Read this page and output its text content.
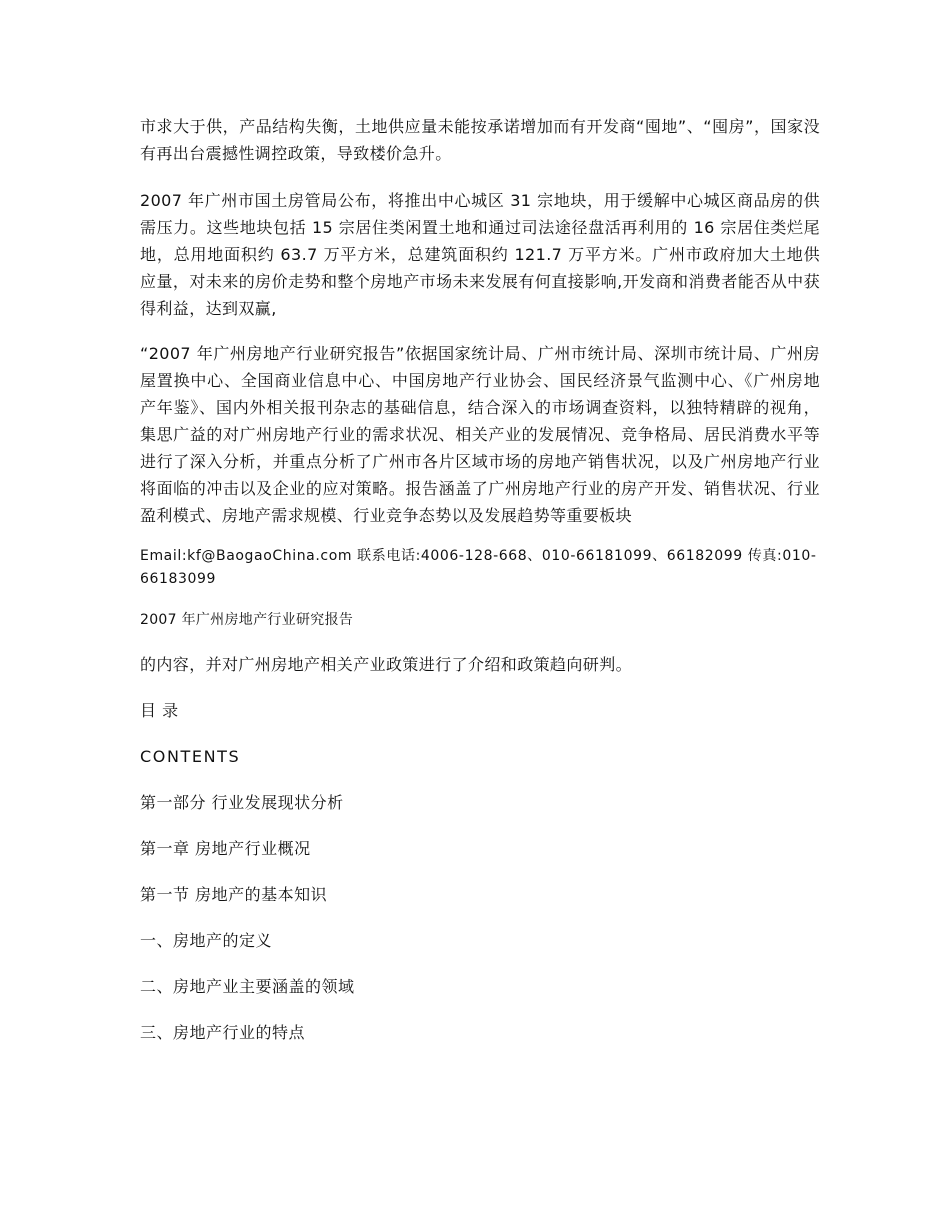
市求大于供，产品结构失衡，土地供应量未能按承诺增加而有开发商“囤地”、“囤房”，国家没有再出台震撼性调控政策，导致楼价急升。

2007 年广州市国土房管局公布，将推出中心城区 31 宗地块，用于缓解中心城区商品房的供需压力。这些地块包括 15 宗居住类闲置土地和通过司法途径盘活再利用的 16 宗居住类烂尾地，总用地面积约 63.7 万平方米，总建筑面积约 121.7 万平方米。广州市政府加大土地供应量，对未来的房价走势和整个房地产市场未来发展有何直接影响,开发商和消费者能否从中获得利益，达到双赢,

“2007 年广州房地产行业研究报告”依据国家统计局、广州市统计局、深圳市统计局、广州房屋置换中心、全国商业信息中心、中国房地产行业协会、国民经济景气监测中心、《广州房地产年鉴》、国内外相关报刊杂志的基础信息，结合深入的市场调查资料，以独特精辟的视角，集思广益的对广州房地产行业的需求状况、相关产业的发展情况、竞争格局、居民消费水平等进行了深入分析，并重点分析了广州市各片区域市场的房地产销售状况，以及广州房地产行业将面临的冲击以及企业的应对策略。报告涵盖了广州房地产行业的房产开发、销售状况、行业盈利模式、房地产需求规模、行业竞争态势以及发展趋势等重要板块

Email:kf@BaogaoChina.com 联系电话:4006-128-668、010-66181099、66182099 传真:010-66183099

2007 年广州房地产行业研究报告

的内容，并对广州房地产相关产业政策进行了介绍和政策趋向研判。

目 录

CONTENTS

第一部分 行业发展现状分析

第一章 房地产行业概况

第一节 房地产的基本知识

一、房地产的定义

二、房地产业主要涵盖的领域

三、房地产行业的特点
